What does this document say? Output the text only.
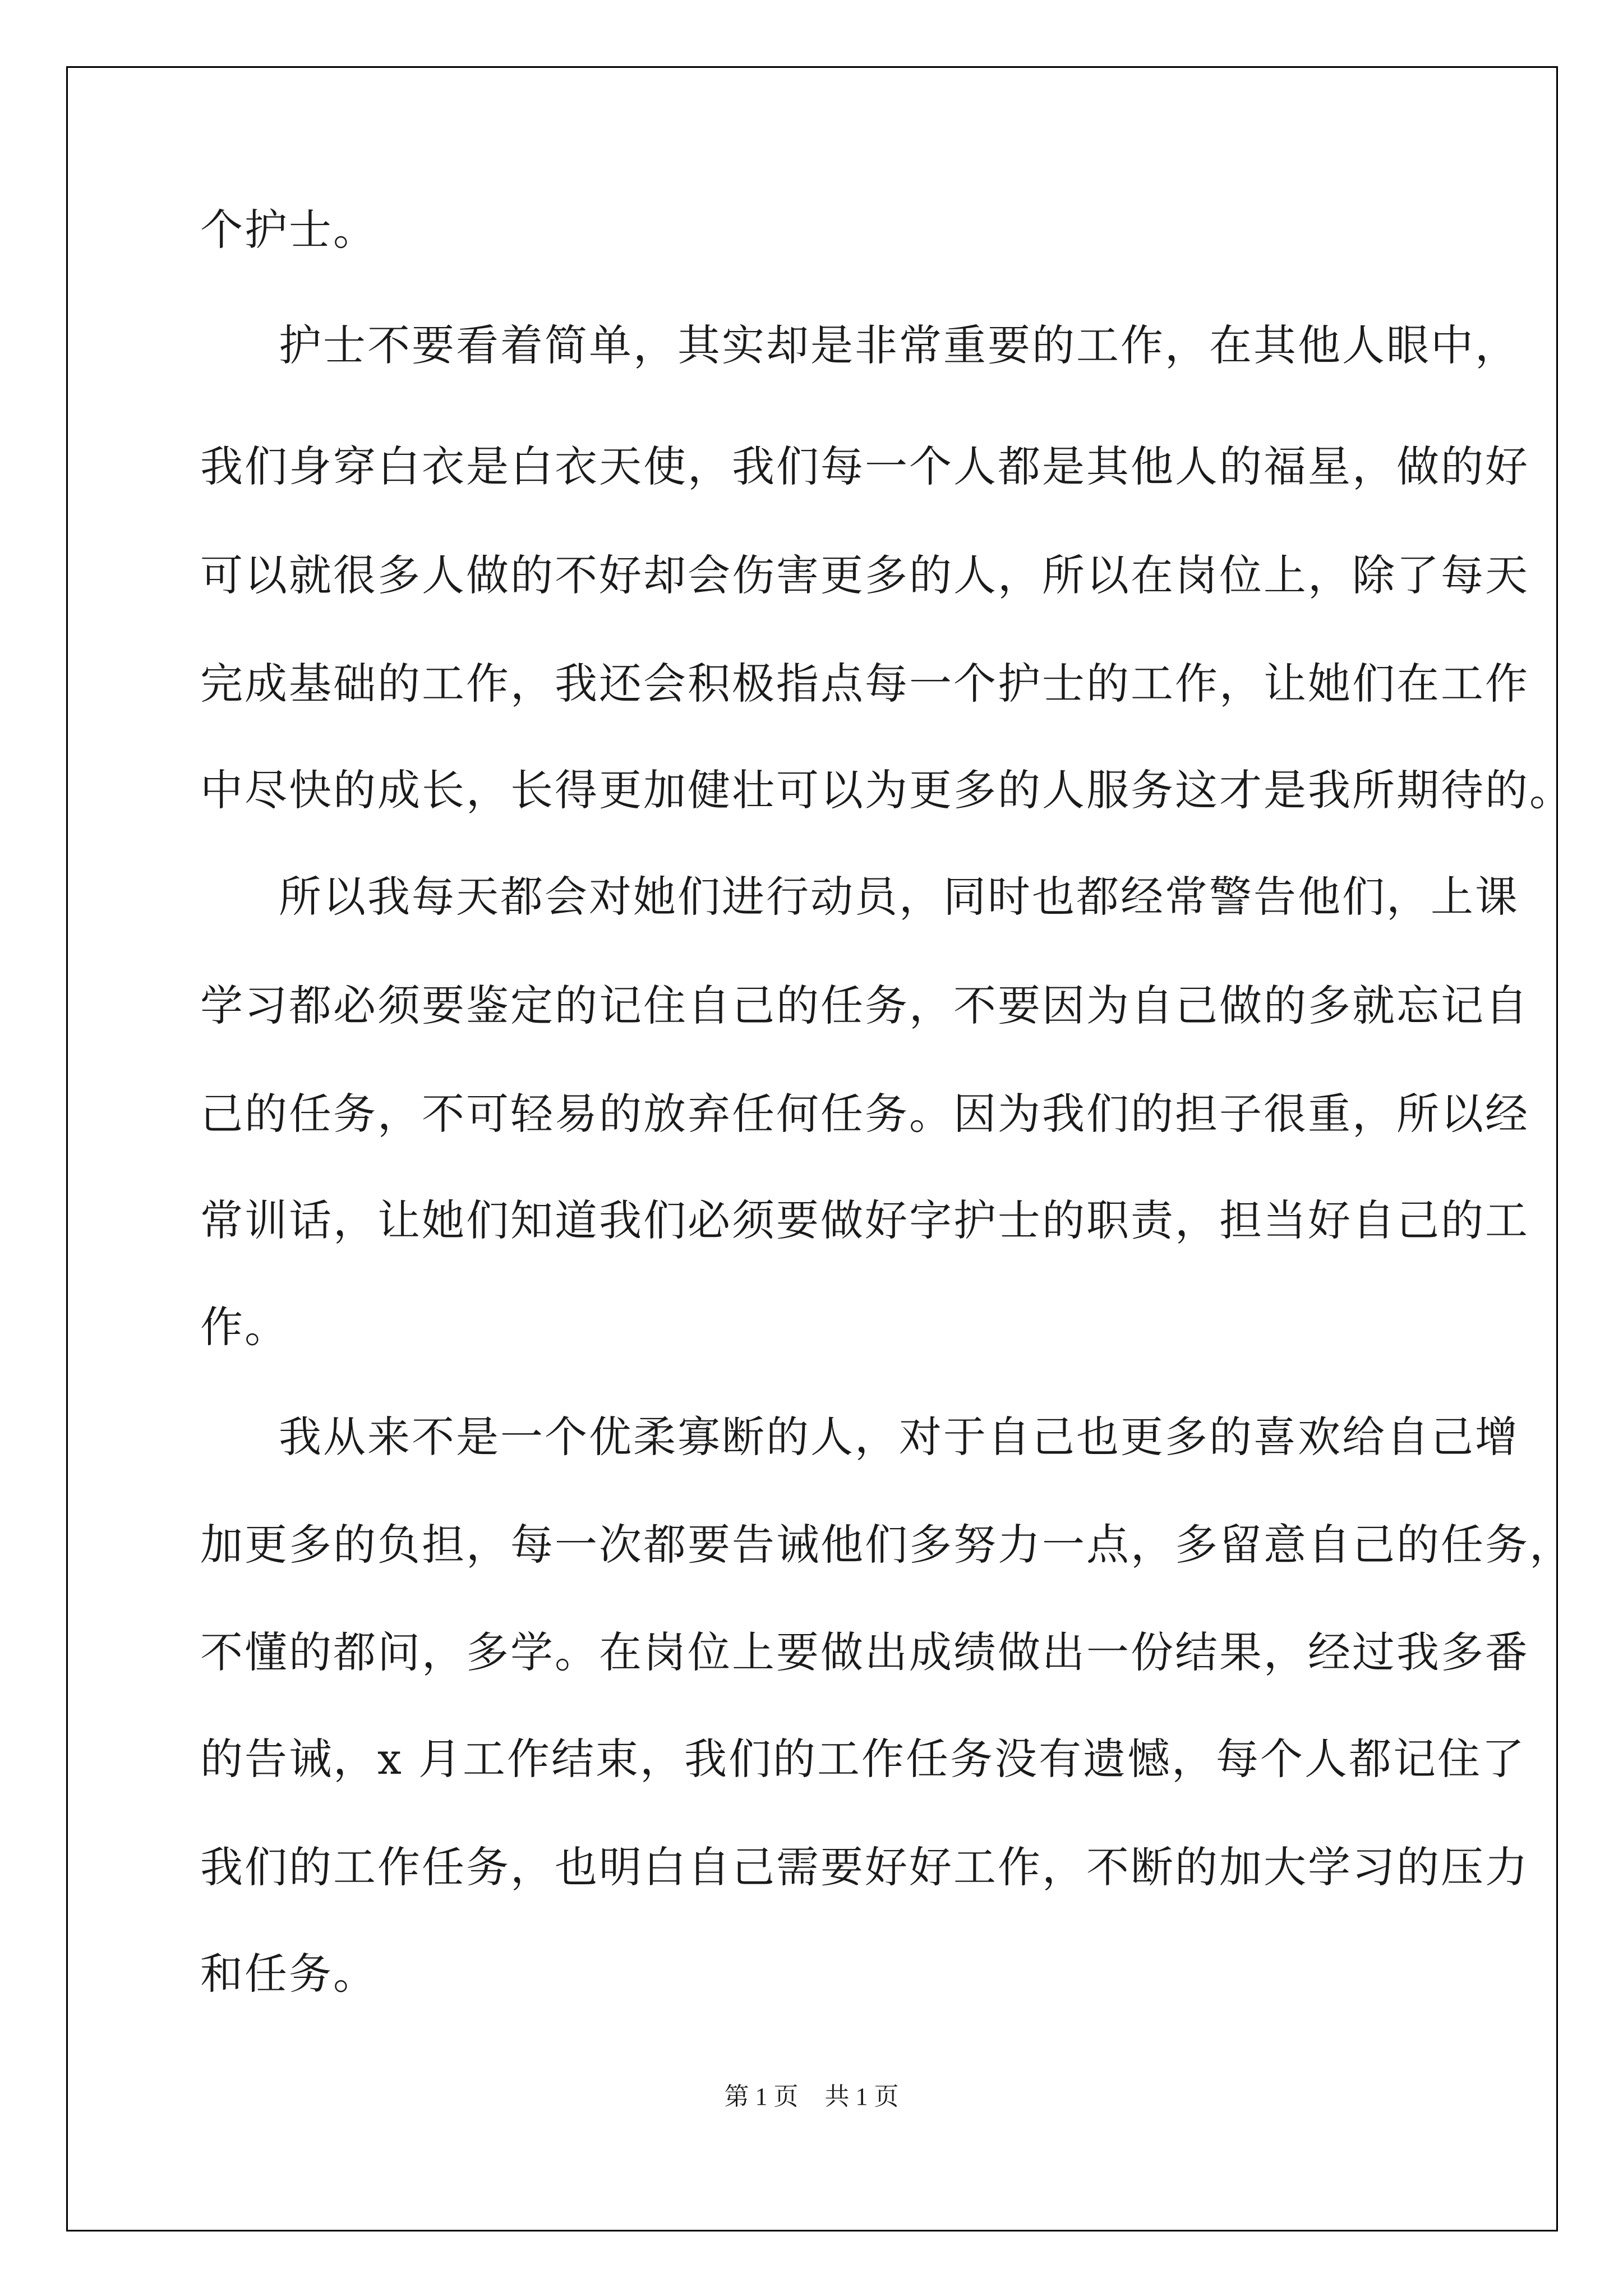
个护士。
护士不要看着简单，其实却是非常重要的工作，在其他人眼中，
我们身穿白衣是白衣天使，我们每一个人都是其他人的福星，做的好
可以就很多人做的不好却会伤害更多的人，所以在岗位上，除了每天
完成基础的工作，我还会积极指点每一个护士的工作，让她们在工作
中尽快的成长，长得更加健壮可以为更多的人服务这才是我所期待的。
所以我每天都会对她们进行动员，同时也都经常警告他们，上课
学习都必须要鉴定的记住自己的任务，不要因为自己做的多就忘记自
己的任务，不可轻易的放弃任何任务。因为我们的担子很重，所以经
常训话，让她们知道我们必须要做好字护士的职责，担当好自己的工
作。
我从来不是一个优柔寡断的人，对于自己也更多的喜欢给自己增
加更多的负担，每一次都要告诫他们多努力一点，多留意自己的任务，
不懂的都问，多学。在岗位上要做出成绩做出一份结果，经过我多番
的告诫，x 月工作结束，我们的工作任务没有遗憾，每个人都记住了
我们的工作任务，也明白自己需要好好工作，不断的加大学习的压力
和任务。
第 1 页 共 1 页
